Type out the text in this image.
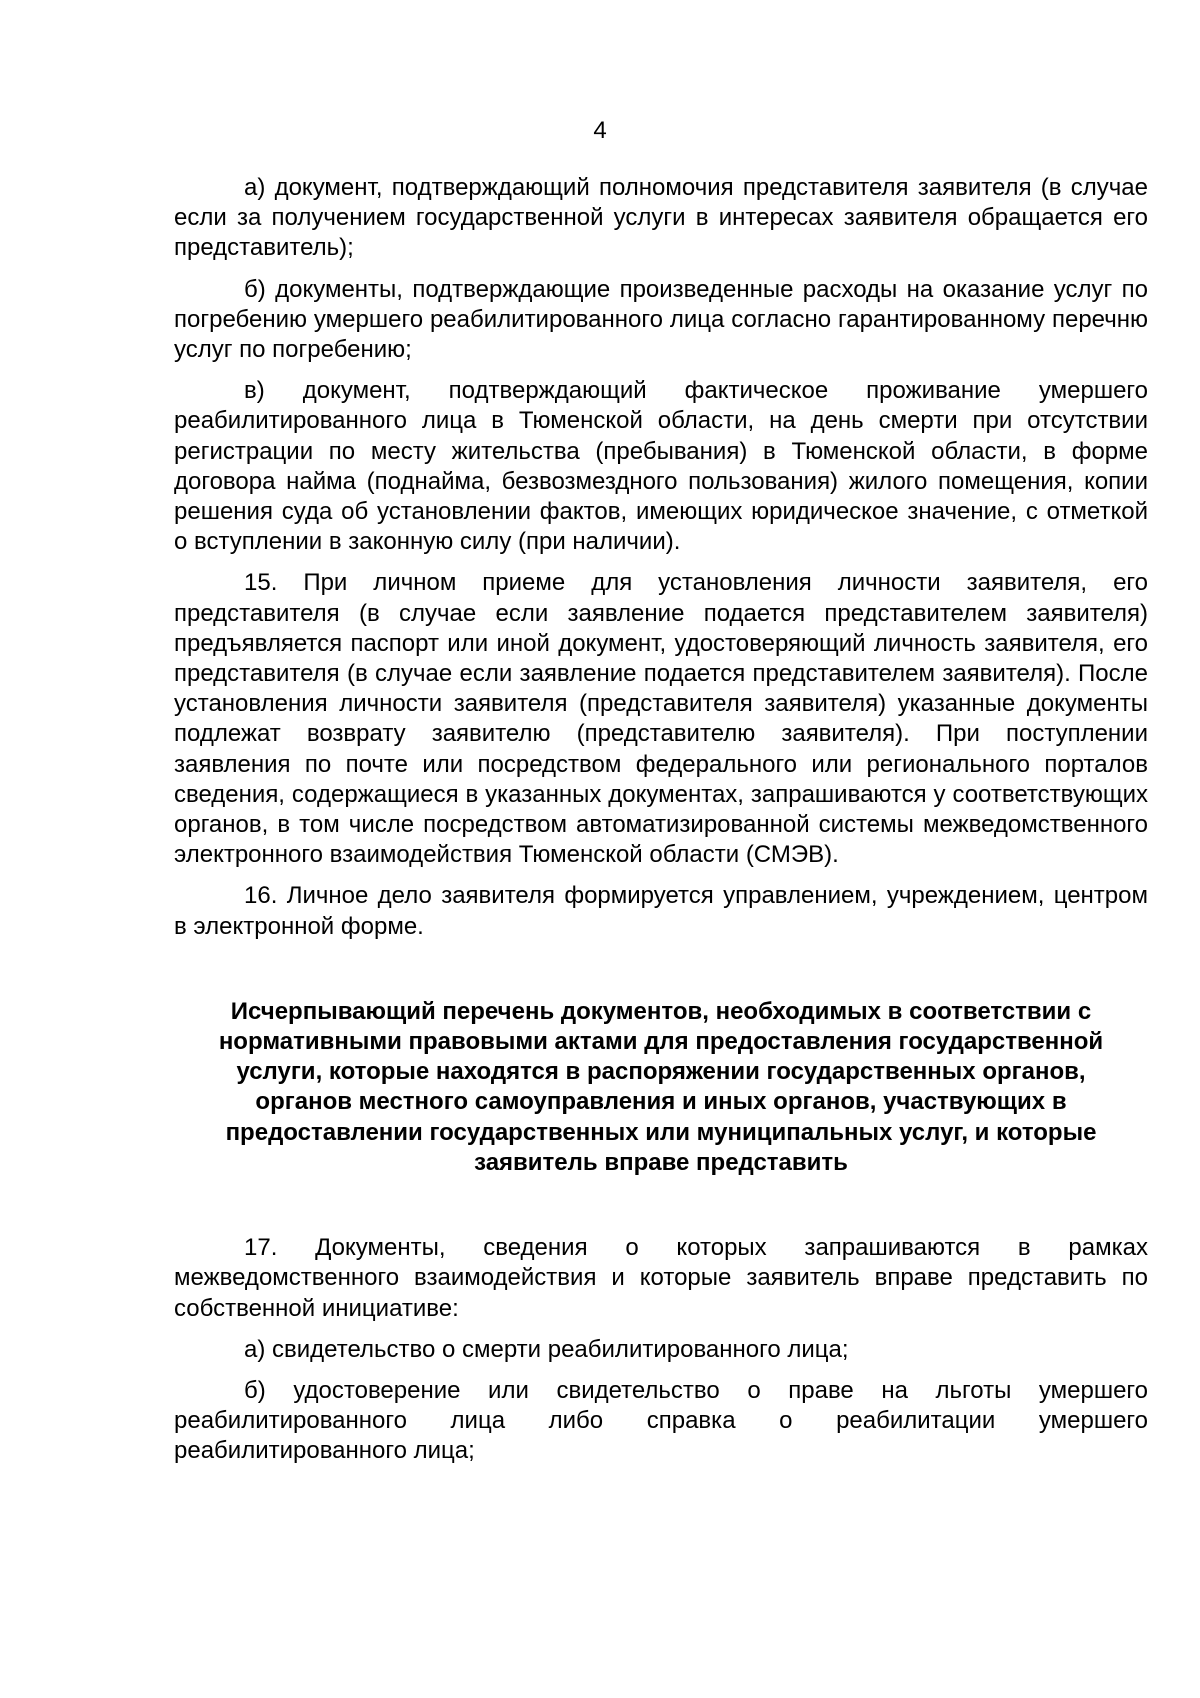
4

а) документ, подтверждающий полномочия представителя заявителя (в случае если за получением государственной услуги в интересах заявителя обращается его представитель);

б) документы, подтверждающие произведенные расходы на оказание услуг по погребению умершего реабилитированного лица согласно гарантированному перечню услуг по погребению;

в) документ, подтверждающий фактическое проживание умершего реабилитированного лица в Тюменской области, на день смерти при отсутствии регистрации по месту жительства (пребывания) в Тюменской области, в форме договора найма (поднайма, безвозмездного пользования) жилого помещения, копии решения суда об установлении фактов, имеющих юридическое значение, с отметкой о вступлении в законную силу (при наличии).

15. При личном приеме для установления личности заявителя, его представителя (в случае если заявление подается представителем заявителя) предъявляется паспорт или иной документ, удостоверяющий личность заявителя, его представителя (в случае если заявление подается представителем заявителя). После установления личности заявителя (представителя заявителя) указанные документы подлежат возврату заявителю (представителю заявителя). При поступлении заявления по почте или посредством федерального или регионального порталов сведения, содержащиеся в указанных документах, запрашиваются у соответствующих органов, в том числе посредством автоматизированной системы межведомственного электронного взаимодействия Тюменской области (СМЭВ).

16. Личное дело заявителя формируется управлением, учреждением, центром в электронной форме.

Исчерпывающий перечень документов, необходимых в соответствии с нормативными правовыми актами для предоставления государственной услуги, которые находятся в распоряжении государственных органов, органов местного самоуправления и иных органов, участвующих в предоставлении государственных или муниципальных услуг, и которые заявитель вправе представить

17. Документы, сведения о которых запрашиваются в рамках межведомственного взаимодействия и которые заявитель вправе представить по собственной инициативе:

а) свидетельство о смерти реабилитированного лица;

б) удостоверение или свидетельство о праве на льготы умершего реабилитированного лица либо справка о реабилитации умершего реабилитированного лица;
